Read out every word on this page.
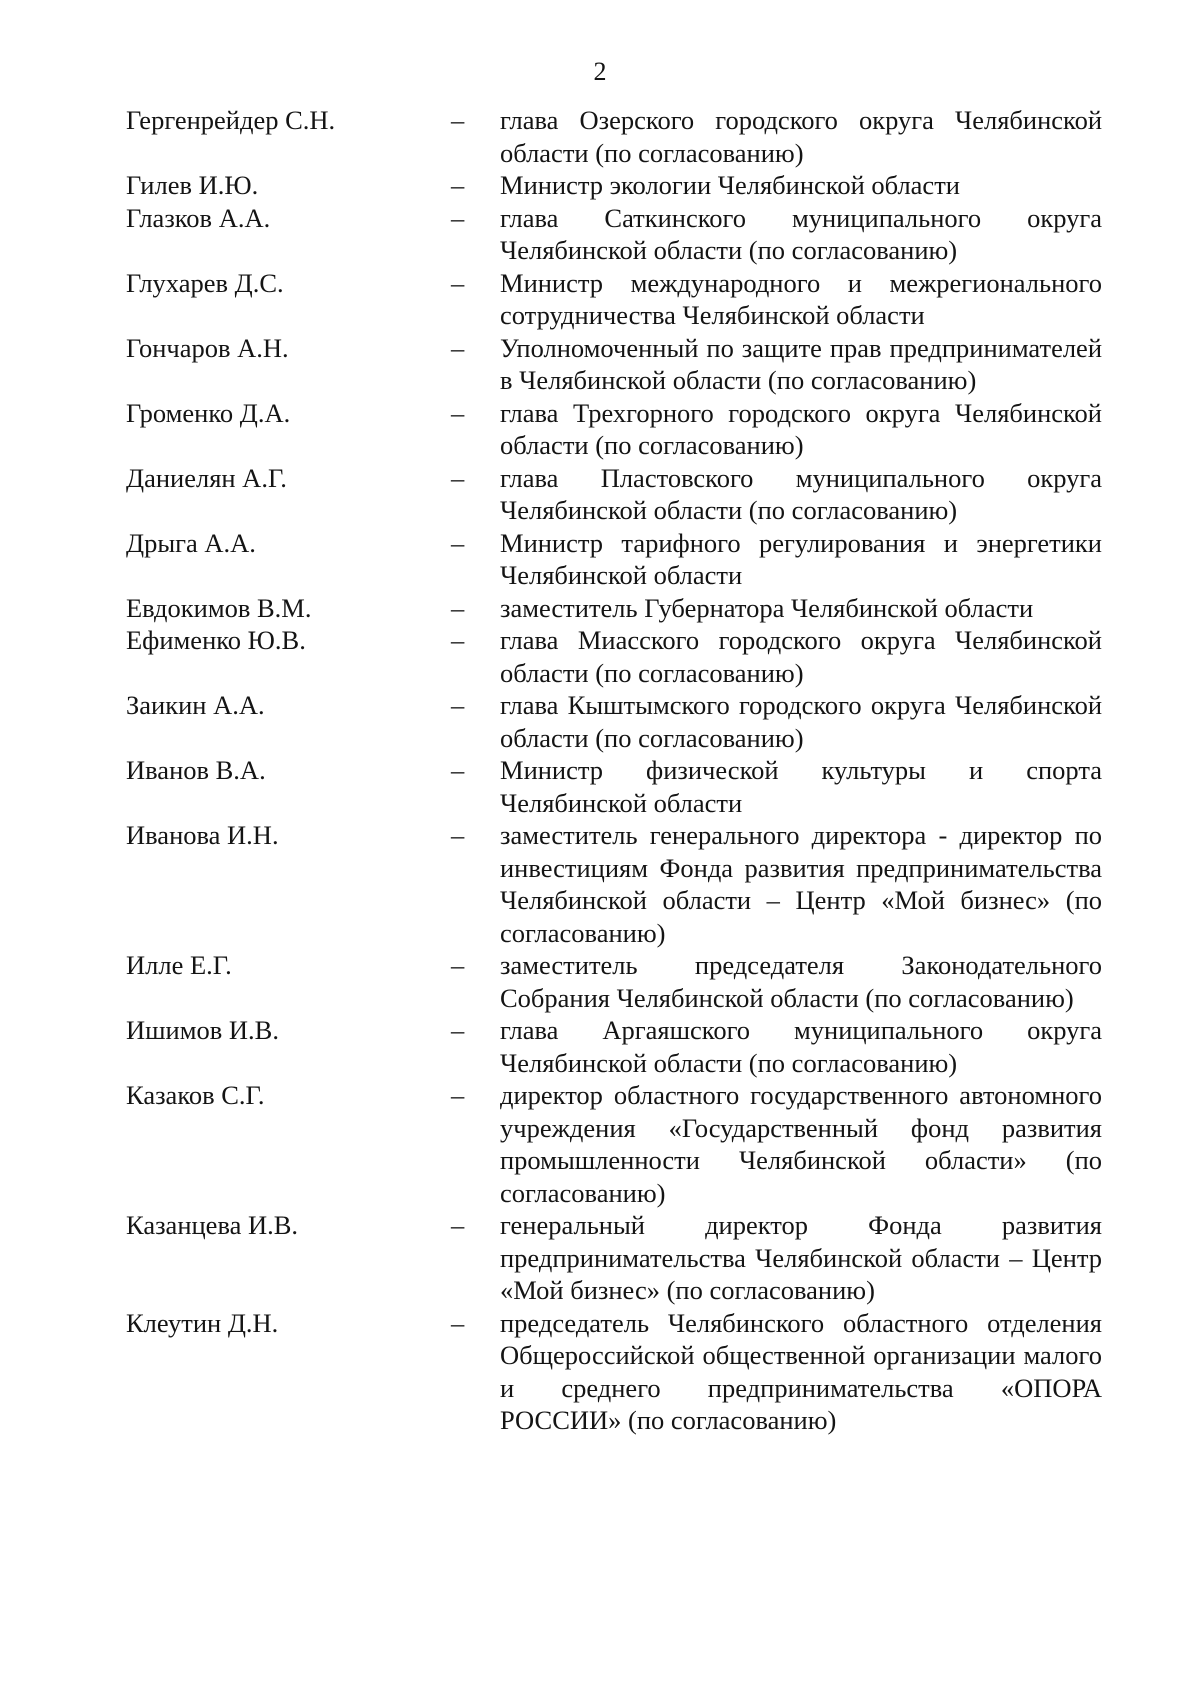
2
Гергенрейдер С.Н.	–	глава Озерского городского округа Челябинской области (по согласованию)
Гилев И.Ю.	–	Министр экологии Челябинской области
Глазков А.А.	–	глава Саткинского муниципального округа Челябинской области (по согласованию)
Глухарев Д.С.	–	Министр международного и межрегионального сотрудничества Челябинской области
Гончаров А.Н.	–	Уполномоченный по защите прав предпринимателей в Челябинской области (по согласованию)
Громенко Д.А.	–	глава Трехгорного городского округа Челябинской области (по согласованию)
Даниелян А.Г.	–	глава Пластовского муниципального округа Челябинской области (по согласованию)
Дрыга А.А.	–	Министр тарифного регулирования и энергетики Челябинской области
Евдокимов В.М.	–	заместитель Губернатора Челябинской области
Ефименко Ю.В.	–	глава Миасского городского округа Челябинской области (по согласованию)
Заикин А.А.	–	глава Кыштымского городского округа Челябинской области (по согласованию)
Иванов В.А.	–	Министр физической культуры и спорта Челябинской области
Иванова И.Н.	–	заместитель генерального директора - директор по инвестициям Фонда развития предпринимательства Челябинской области – Центр «Мой бизнес» (по согласованию)
Илле Е.Г.	–	заместитель председателя Законодательного Собрания Челябинской области (по согласованию)
Ишимов И.В.	–	глава Аргаяшского муниципального округа Челябинской области (по согласованию)
Казаков С.Г.	–	директор областного государственного автономного учреждения «Государственный фонд развития промышленности Челябинской области» (по согласованию)
Казанцева И.В.	–	генеральный директор Фонда развития предпринимательства Челябинской области – Центр «Мой бизнес» (по согласованию)
Клеутин Д.Н.	–	председатель Челябинского областного отделения Общероссийской общественной организации малого и среднего предпринимательства «ОПОРА РОССИИ» (по согласованию)
